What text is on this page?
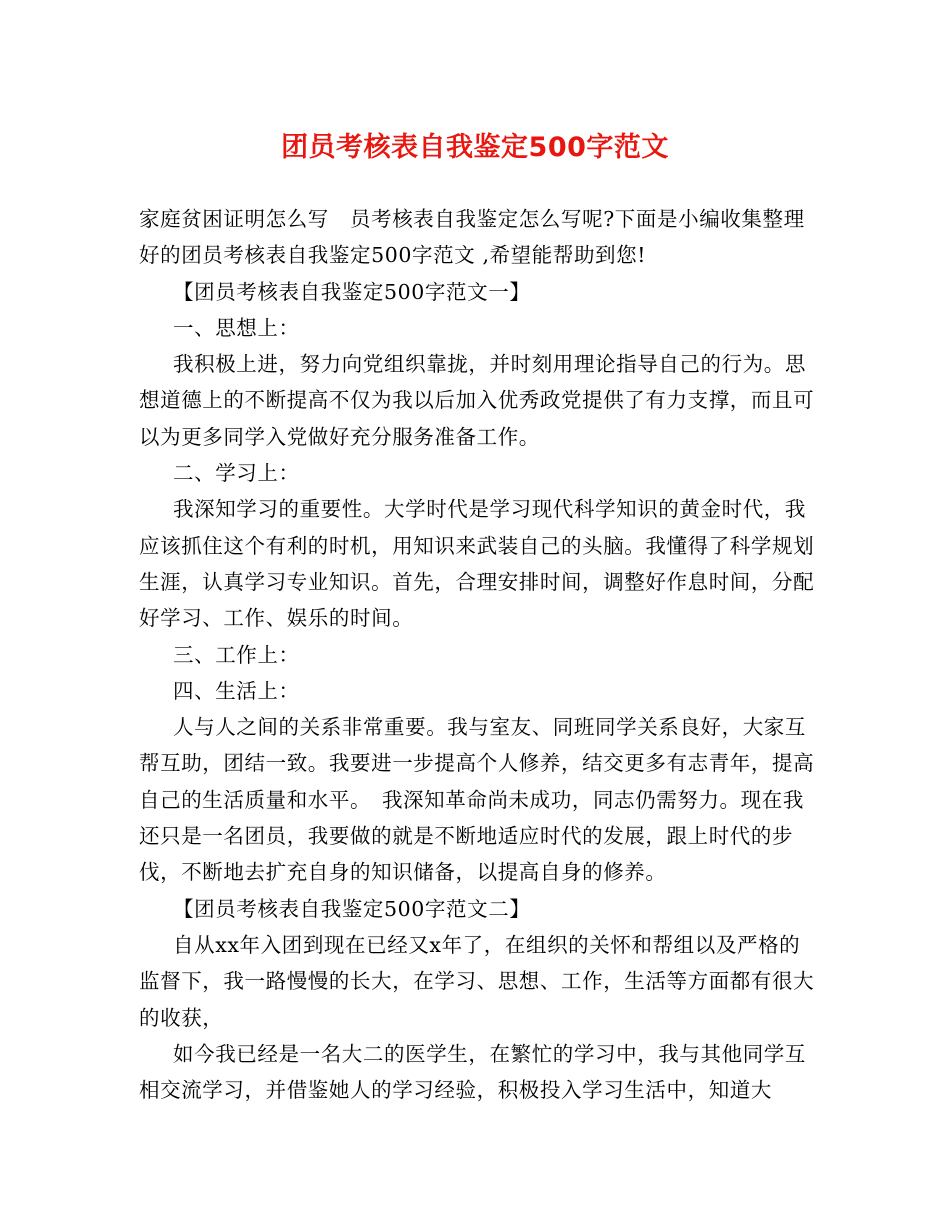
团员考核表自我鉴定500字范文

家庭贫困证明怎么写　员考核表自我鉴定怎么写呢?下面是小编收集整理好的团员考核表自我鉴定500字范文 ,希望能帮助到您!

【团员考核表自我鉴定500字范文一】

一、思想上：

我积极上进，努力向党组织靠拢，并时刻用理论指导自己的行为。思想道德上的不断提高不仅为我以后加入优秀政党提供了有力支撑，而且可以为更多同学入党做好充分服务准备工作。

二、学习上：

我深知学习的重要性。大学时代是学习现代科学知识的黄金时代，我应该抓住这个有利的时机，用知识来武装自己的头脑。我懂得了科学规划生涯，认真学习专业知识。首先，合理安排时间，调整好作息时间，分配好学习、工作、娱乐的时间。

三、工作上：

四、生活上：

人与人之间的关系非常重要。我与室友、同班同学关系良好，大家互帮互助，团结一致。我要进一步提高个人修养，结交更多有志青年，提高自己的生活质量和水平。　我深知革命尚未成功，同志仍需努力。现在我还只是一名团员，我要做的就是不断地适应时代的发展，跟上时代的步伐，不断地去扩充自身的知识储备，以提高自身的修养。

【团员考核表自我鉴定500字范文二】

自从xx年入团到现在已经又x年了，在组织的关怀和帮组以及严格的监督下，我一路慢慢的长大，在学习、思想、工作，生活等方面都有很大的收获，

如今我已经是一名大二的医学生，在繁忙的学习中，我与其他同学互相交流学习，并借鉴她人的学习经验，积极投入学习生活中，知道大
